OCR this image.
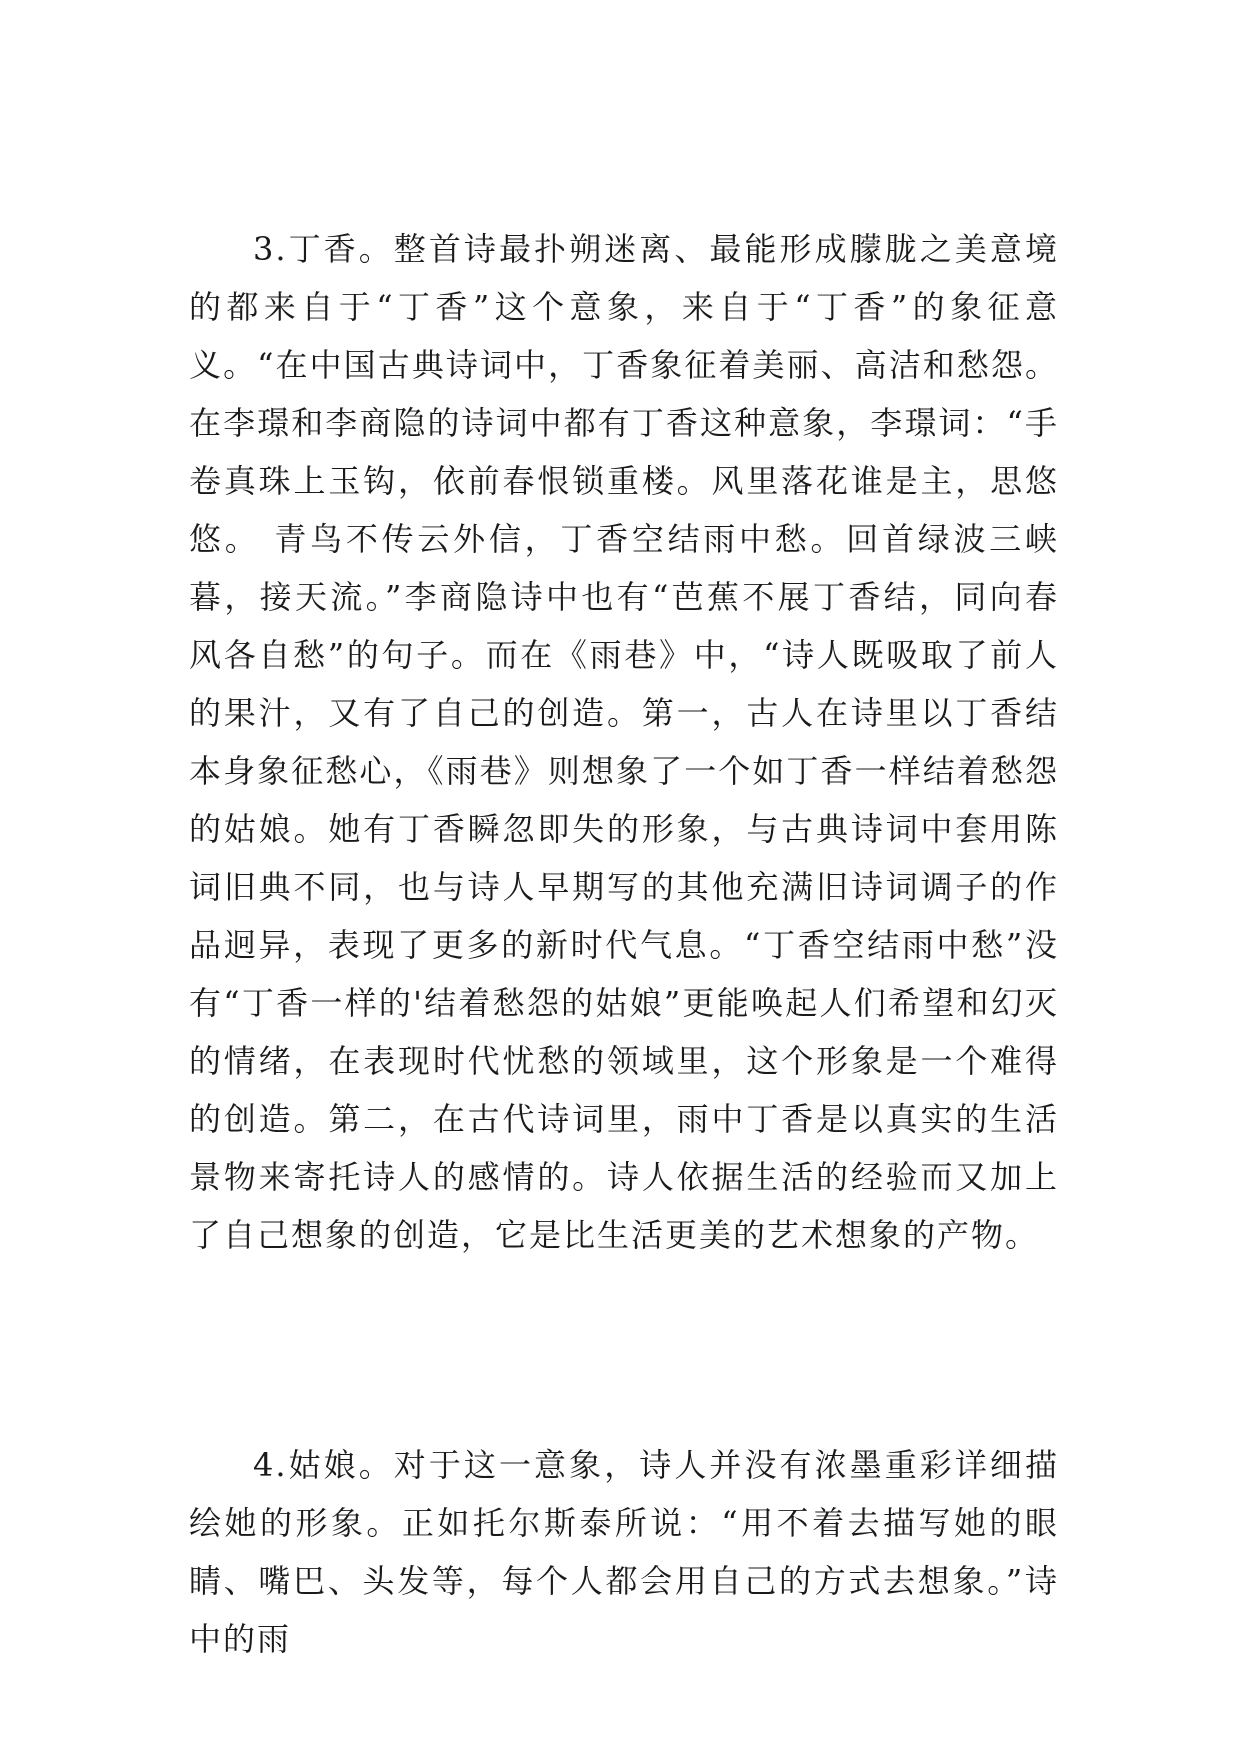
3.丁香。整首诗最扑朔迷离、最能形成朦胧之美意境的都来自于“丁香”这个意象，来自于“丁香”的象征意义。“在中国古典诗词中，丁香象征着美丽、高洁和愁怨。在李璟和李商隐的诗词中都有丁香这种意象，李璟词：“手卷真珠上玉钩，依前春恨锁重楼。风里落花谁是主，思悠悠。 青鸟不传云外信，丁香空结雨中愁。回首绿波三峡暮，接天流。”李商隐诗中也有“芭蕉不展丁香结，同向春风各自愁”的句子。而在《雨巷》中，“诗人既吸取了前人的果汁，又有了自己的创造。第一，古人在诗里以丁香结本身象征愁心，《雨巷》则想象了一个如丁香一样结着愁怨的姑娘。她有丁香瞬忽即失的形象，与古典诗词中套用陈词旧典不同，也与诗人早期写的其他充满旧诗词调子的作品迥异，表现了更多的新时代气息。“丁香空结雨中愁”没有“丁香一样的'结着愁怨的姑娘”更能唤起人们希望和幻灭的情绪，在表现时代忧愁的领域里，这个形象是一个难得的创造。第二，在古代诗词里，雨中丁香是以真实的生活景物来寄托诗人的感情的。诗人依据生活的经验而又加上了自己想象的创造，它是比生活更美的艺术想象的产物。

4.姑娘。对于这一意象，诗人并没有浓墨重彩详细描绘她的形象。正如托尔斯泰所说：“用不着去描写她的眼睛、嘴巴、头发等，每个人都会用自己的方式去想象。”诗中的雨
